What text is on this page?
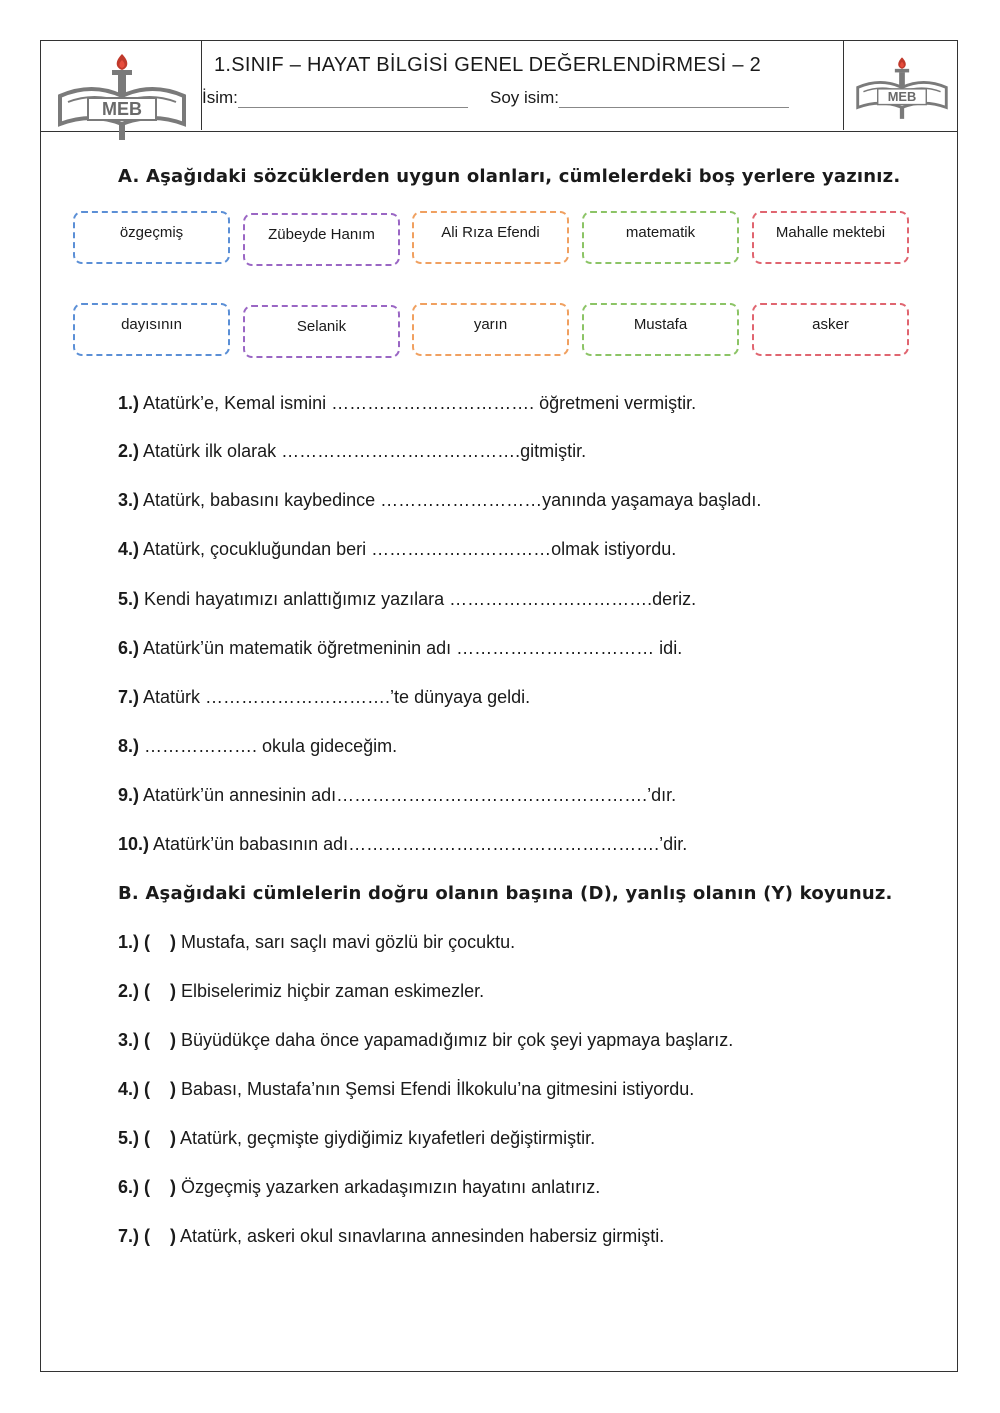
MEB
1.SINIF – HAYAT BİLGİSİ GENEL DEĞERLENDİRMESİ – 2
İsim:	Soy isim:	MEB
A. Aşağıdaki sözcüklerden uygun olanları, cümlelerdeki boş yerlere yazınız.
özgeçmiş	Zübeyde Hanım	Ali Rıza Efendi	matematik	Mahalle mektebi
dayısının	Selanik	yarın	Mustafa	asker
1.) Atatürk’e, Kemal ismini ……………………………. öğretmeni vermiştir.
2.) Atatürk ilk olarak ………………………………….gitmiştir.
3.) Atatürk, babasını kaybedince ………………………yanında yaşamaya başladı.
4.) Atatürk, çocukluğundan beri …………………………olmak istiyordu.
5.) Kendi hayatımızı anlattığımız yazılara …………………………….deriz.
6.) Atatürk’ün matematik öğretmeninin adı …………………………… idi.
7.) Atatürk ………………………….’te dünyaya geldi.
8.) ………………. okula gideceğim.
9.) Atatürk’ün annesinin adı…………………………………………….’dır.
10.) Atatürk’ün babasının adı…………………………………………….’dir.
B. Aşağıdaki cümlelerin doğru olanın başına (D), yanlış olanın (Y) koyunuz.
1.) (    ) Mustafa, sarı saçlı mavi gözlü bir çocuktu.
2.) (    ) Elbiselerimiz hiçbir zaman eskimezler.
3.) (    ) Büyüdükçe daha önce yapamadığımız bir çok şeyi yapmaya başlarız.
4.) (    ) Babası, Mustafa’nın Şemsi Efendi İlkokulu’na gitmesini istiyordu.
5.) (    ) Atatürk, geçmişte giydiğimiz kıyafetleri değiştirmiştir.
6.) (    ) Özgeçmiş yazarken arkadaşımızın hayatını anlatırız.
7.) (    ) Atatürk, askeri okul sınavlarına annesinden habersiz girmişti.
